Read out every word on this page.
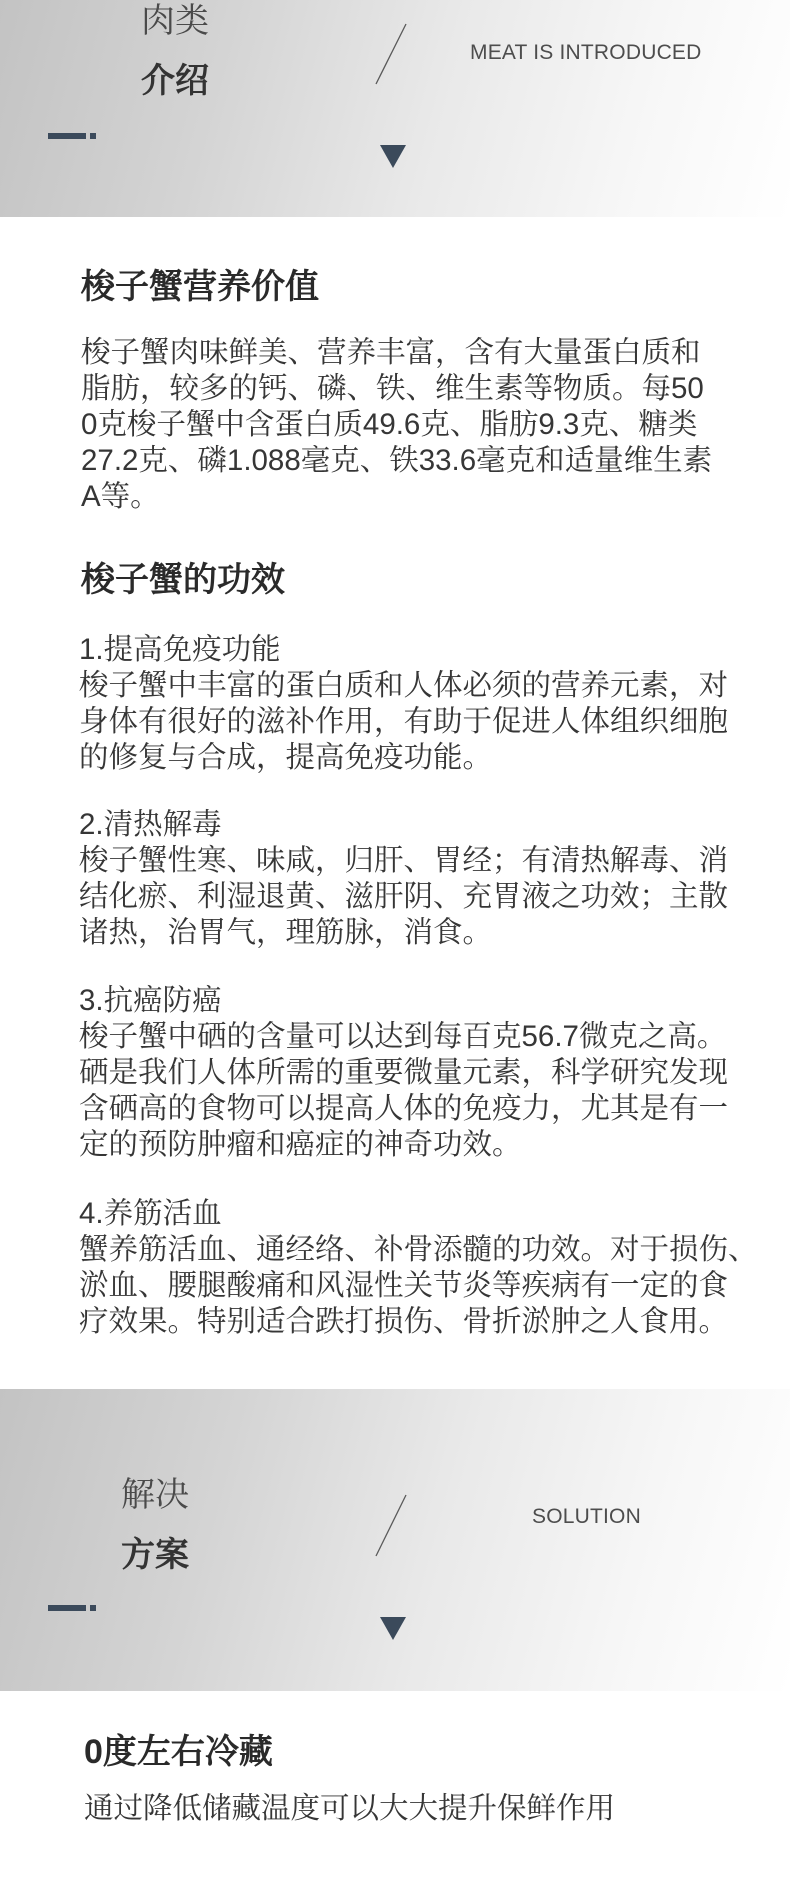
肉类
介绍
MEAT IS INTRODUCED
梭子蟹营养价值
梭子蟹肉味鲜美、营养丰富，含有大量蛋白质和
脂肪，较多的钙、磷、铁、维生素等物质。每50
0克梭子蟹中含蛋白质49.6克、脂肪9.3克、糖类
27.2克、磷1.088毫克、铁33.6毫克和适量维生素
A等。
梭子蟹的功效
1.提高免疫功能
梭子蟹中丰富的蛋白质和人体必须的营养元素，对
身体有很好的滋补作用，有助于促进人体组织细胞
的修复与合成，提高免疫功能。
2.清热解毒
梭子蟹性寒、味咸，归肝、胃经；有清热解毒、消
结化瘀、利湿退黄、滋肝阴、充胃液之功效；主散
诸热，治胃气，理筋脉，消食。
3.抗癌防癌
梭子蟹中硒的含量可以达到每百克56.7微克之高。
硒是我们人体所需的重要微量元素，科学研究发现
含硒高的食物可以提高人体的免疫力，尤其是有一
定的预防肿瘤和癌症的神奇功效。
4.养筋活血
蟹养筋活血、通经络、补骨添髓的功效。对于损伤、
淤血、腰腿酸痛和风湿性关节炎等疾病有一定的食
疗效果。特别适合跌打损伤、骨折淤肿之人食用。
解决
方案
SOLUTION
0度左右冷藏
通过降低储藏温度可以大大提升保鲜作用
